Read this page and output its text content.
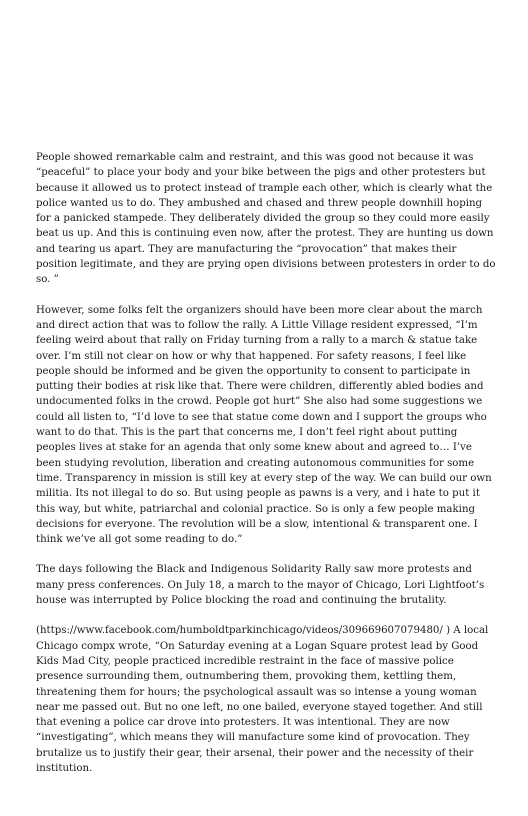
People showed remarkable calm and restraint, and this was good not because it was “peaceful” to place your body and your bike between the pigs and other protesters but because it allowed us to protect instead of trample each other, which is clearly what the police wanted us to do. They ambushed and chased and threw people downhill hoping for a panicked stampede. They deliberately divided the group so they could more easily beat us up. And this is continuing even now, after the protest. They are hunting us down and tearing us apart. They are manufacturing the “provocation” that makes their position legitimate, and they are prying open divisions between protesters in order to do so. ”

However, some folks felt the organizers should have been more clear about the march and direct action that was to follow the rally. A Little Village resident expressed, “I’m feeling weird about that rally on Friday turning from a rally to a march & statue take over. I’m still not clear on how or why that happened. For safety reasons, I feel like people should be informed and be given the opportunity to consent to participate in putting their bodies at risk like that. There were children, differently abled bodies and undocumented folks in the crowd. People got hurt” She also had some suggestions we could all listen to, “I’d love to see that statue come down and I support the groups who want to do that. This is the part that concerns me, I don’t feel right about putting peoples lives at stake for an agenda that only some knew about and agreed to… I’ve been studying revolution, liberation and creating autonomous communities for some time. Transparency in mission is still key at every step of the way. We can build our own militia. Its not illegal to do so. But using people as pawns is a very, and i hate to put it this way, but white, patriarchal and colonial practice. So is only a few people making decisions for everyone. The revolution will be a slow, intentional & transparent one. I think we’ve all got some reading to do.”

The days following the Black and Indigenous Solidarity Rally saw more protests and many press conferences. On July 18, a march to the mayor of Chicago, Lori Lightfoot’s house was interrupted by Police blocking the road and continuing the brutality.

(https://www.facebook.com/humboldtparkinchicago/videos/309669607079480/ ) A local Chicago compx wrote, “On Saturday evening at a Logan Square protest lead by Good Kids Mad City, people practiced incredible restraint in the face of massive police presence surrounding them, outnumbering them, provoking them, kettling them, threatening them for hours; the psychological assault was so intense a young woman near me passed out. But no one left, no one bailed, everyone stayed together. And still that evening a police car drove into protesters. It was intentional. They are now “investigating”, which means they will manufacture some kind of provocation. They brutalize us to justify their gear, their arsenal, their power and the necessity of their institution.
